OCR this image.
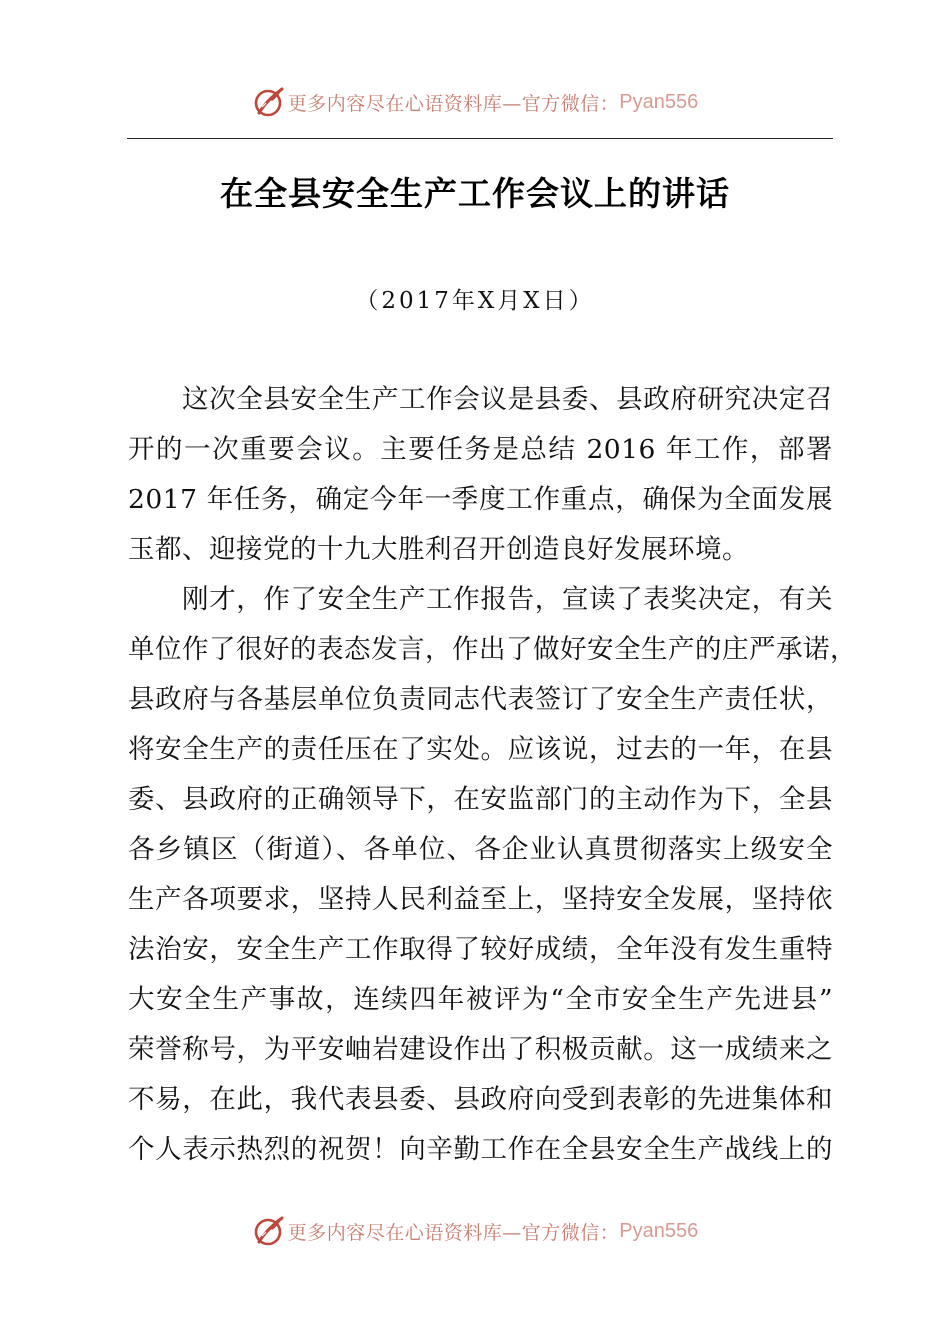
更多内容尽在心语资料库—官方微信： Pyan556
在全县安全生产工作会议上的讲话
（2017年X月X日）
这次全县安全生产工作会议是县委、县政府研究决定召
开的一次重要会议。主要任务是总结 2016 年工作，部署
2017 年任务，确定今年一季度工作重点，确保为全面发展
玉都、迎接党的十九大胜利召开创造良好发展环境。
刚才，作了安全生产工作报告，宣读了表奖决定，有关
单位作了很好的表态发言，作出了做好安全生产的庄严承诺，
县政府与各基层单位负责同志代表签订了安全生产责任状，
将安全生产的责任压在了实处。应该说，过去的一年，在县
委、县政府的正确领导下，在安监部门的主动作为下，全县
各乡镇区（街道）、各单位、各企业认真贯彻落实上级安全
生产各项要求，坚持人民利益至上，坚持安全发展，坚持依
法治安，安全生产工作取得了较好成绩，全年没有发生重特
大安全生产事故，连续四年被评为“全市安全生产先进县”
荣誉称号，为平安岫岩建设作出了积极贡献。这一成绩来之
不易，在此，我代表县委、县政府向受到表彰的先进集体和
个人表示热烈的祝贺！向辛勤工作在全县安全生产战线上的
更多内容尽在心语资料库—官方微信： Pyan556
